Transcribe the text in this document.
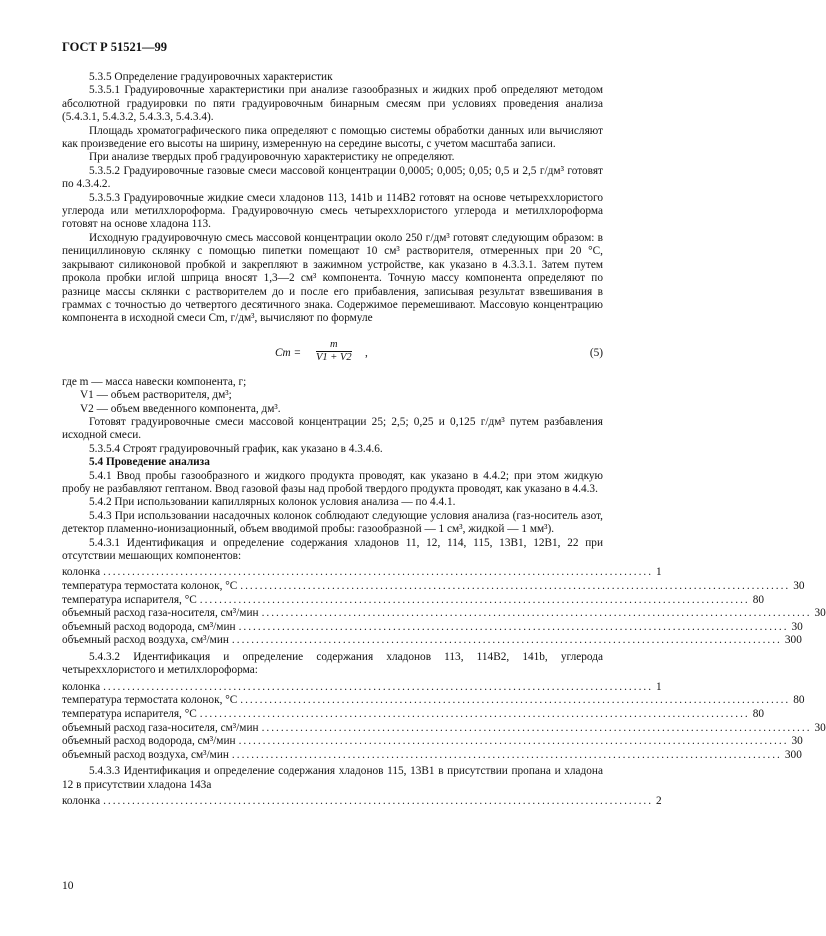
ГОСТ Р 51521—99

5.3.5 Определение градуировочных характеристик

5.3.5.1 Градуировочные характеристики при анализе газообразных и жидких проб определяют методом абсолютной градуировки по пяти градуировочным бинарным смесям при условиях проведения анализа (5.4.3.1, 5.4.3.2, 5.4.3.3, 5.4.3.4).

Площадь хроматографического пика определяют с помощью системы обработки данных или вычисляют как произведение его высоты на ширину, измеренную на середине высоты, с учетом масштаба записи.

При анализе твердых проб градуировочную характеристику не определяют.

5.3.5.2 Градуировочные газовые смеси массовой концентрации 0,0005; 0,005; 0,05; 0,5 и 2,5 г/дм³ готовят по 4.3.4.2.

5.3.5.3 Градуировочные жидкие смеси хладонов 113, 141b и 114B2 готовят на основе четыреххлористого углерода или метилхлороформа. Градуировочную смесь четыреххлористого углерода и метилхлороформа готовят на основе хладона 113.

Исходную градуировочную смесь массовой концентрации около 250 г/дм³ готовят следующим образом: в пенициллиновую склянку с помощью пипетки помещают 10 см³ растворителя, отмеренных при 20 °С, закрывают силиконовой пробкой и закрепляют в зажимном устройстве, как указано в 4.3.3.1. Затем путем прокола пробки иглой шприца вносят 1,3—2 см³ компонента. Точную массу компонента определяют по разнице массы склянки с растворителем до и после его прибавления, записывая результат взвешивания в граммах с точностью до четвертого десятичного знака. Содержимое перемешивают. Массовую концентрацию компонента в исходной смеси Cm, г/дм³, вычисляют по формуле

$Cm = \frac{m}{V1 + V2}$ ,	(5)

где m — масса навески компонента, г;

V1 — объем растворителя, дм³;

V2 — объем введенного компонента, дм³.

Готовят градуировочные смеси массовой концентрации 25; 2,5; 0,25 и 0,125 г/дм³ путем разбавления исходной смеси.

5.3.5.4 Строят градуировочный график, как указано в 4.3.4.6.

5.4 Проведение анализа

5.4.1 Ввод пробы газообразного и жидкого продукта проводят, как указано в 4.4.2; при этом жидкую пробу не разбавляют гептаном. Ввод газовой фазы над пробой твердого продукта проводят, как указано в 4.4.3.

5.4.2 При использовании капиллярных колонок условия анализа — по 4.4.1.

5.4.3 При использовании насадочных колонок соблюдают следующие условия анализа (газ-носитель азот, детектор пламенно-ионизационный, объем вводимой пробы: газообразной — 1 см³, жидкой — 1 мм³).

5.4.3.1 Идентификация и определение содержания хладонов 11, 12, 114, 115, 13B1, 12B1, 22 при отсутствии мешающих компонентов:

колонка .................................................................................................................. 1
температура термостата колонок, °С .................................................................................................................. 30
температура испарителя, °С .................................................................................................................. 80
объемный расход газа-носителя, см³/мин .................................................................................................................. 30
объемный расход водорода, см³/мин .................................................................................................................. 30
объемный расход воздуха, см³/мин .................................................................................................................. 300

5.4.3.2 Идентификация и определение содержания хладонов 113, 114B2, 141b, углерода четыреххлористого и метилхлороформа:

колонка .................................................................................................................. 1
температура термостата колонок, °С .................................................................................................................. 80
температура испарителя, °С .................................................................................................................. 80
объемный расход газа-носителя, см³/мин .................................................................................................................. 30
объемный расход водорода, см³/мин .................................................................................................................. 30
объемный расход воздуха, см³/мин .................................................................................................................. 300

5.4.3.3 Идентификация и определение содержания хладонов 115, 13B1 в присутствии пропана и хладона 12 в присутствии хладона 143a

колонка .................................................................................................................. 2
10
